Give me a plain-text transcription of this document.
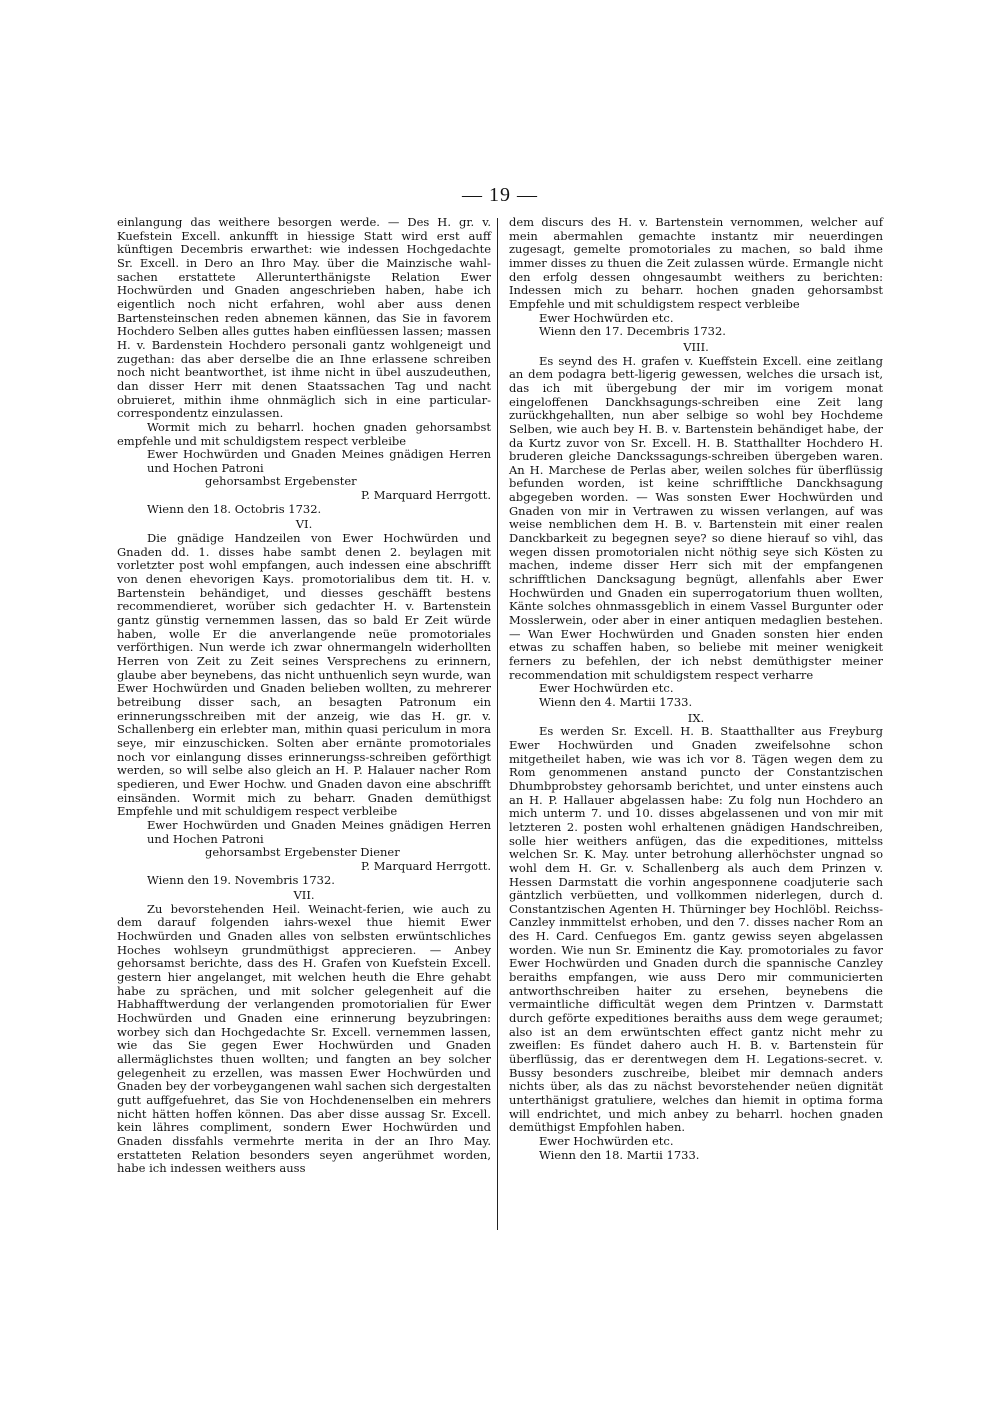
— 19 —

einlangung das weithere besorgen werde. — Des H. gr. v. Kuefstein Excell. ankunfft in hiessige Statt wird erst auff künftigen Decembris erwarthet: wie indessen Hochgedachte Sr. Excell. in Dero an Ihro May. über die Mainzische wahl-sachen erstattete Allerunterthänigste Relation Ewer Hochwürden und Gnaden angeschrieben haben, habe ich eigentlich noch nicht erfahren, wohl aber auss denen Bartensteinschen reden abnemen kännen, das Sie in favorem Hochdero Selben alles guttes haben einflüessen lassen; massen H. v. Bardenstein Hochdero personali gantz wohlgeneigt und zugethan: das aber derselbe die an Ihne erlassene schreiben noch nicht beantworthet, ist ihme nicht in übel auszudeuthen, dan disser Herr mit denen Staatssachen Tag und nacht obruieret, mithin ihme ohnmäglich sich in eine particular-correspondentz einzulassen.

Wormit mich zu beharrl. hochen gnaden gehorsambst empfehle und mit schuldigstem respect verbleibe

Ewer Hochwürden und Gnaden Meines gnädigen Herren und Hochen Patroni

gehorsambst Ergebenster

P. Marquard Herrgott.

Wienn den 18. Octobris 1732.

VI.

Die gnädige Handzeilen von Ewer Hochwürden und Gnaden dd. 1. disses habe sambt denen 2. beylagen mit vorletzter post wohl empfangen, auch indessen eine abschrifft von denen ehevorigen Kays. promotorialibus dem tit. H. v. Bartenstein behändiget, und diesses geschäfft bestens recommendieret, worüber sich gedachter H. v. Bartenstein gantz günstig vernemmen lassen, das so bald Er Zeit würde haben, wolle Er die anverlangende neüe promotoriales verförthigen. Nun werde ich zwar ohnermangeln widerhollten Herren von Zeit zu Zeit seines Versprechens zu erinnern, glaube aber beynebens, das nicht unthuenlich seyn wurde, wan Ewer Hochwürden und Gnaden belieben wollten, zu mehrerer betreibung disser sach, an besagten Patronum ein erinnerungsschreiben mit der anzeig, wie das H. gr. v. Schallenberg ein erlebter man, mithin quasi periculum in mora seye, mir einzuschicken. Solten aber ernänte promotoriales noch vor einlangung disses erinnerungss-schreiben geförthigt werden, so will selbe also gleich an H. P. Halauer nacher Rom spedieren, und Ewer Hochw. und Gnaden davon eine abschrifft einsänden. Wormit mich zu beharr. Gnaden demüthigst Empfehle und mit schuldigem respect verbleibe

Ewer Hochwürden und Gnaden Meines gnädigen Herren und Hochen Patroni

gehorsambst Ergebenster Diener

P. Marquard Herrgott.

Wienn den 19. Novembris 1732.

VII.

Zu bevorstehenden Heil. Weinacht-ferien, wie auch zu dem darauf folgenden iahrs-wexel thue hiemit Ewer Hochwürden und Gnaden alles von selbsten erwüntschliches Hoches wohlseyn grundmüthigst apprecieren. — Anbey gehorsamst berichte, dass des H. Grafen von Kuefstein Excell. gestern hier angelanget, mit welchen heuth die Ehre gehabt habe zu sprächen, und mit solcher gelegenheit auf die Habhafftwerdung der verlangenden promotorialien für Ewer Hochwürden und Gnaden eine erinnerung beyzubringen: worbey sich dan Hochgedachte Sr. Excell. vernemmen lassen, wie das Sie gegen Ewer Hochwürden und Gnaden allermäglichstes thuen wollten; und fangten an bey solcher gelegenheit zu erzellen, was massen Ewer Hochwürden und Gnaden bey der vorbeygangenen wahl sachen sich dergestalten gutt auffgefuehret, das Sie von Hochdenenselben ein mehrers nicht hätten hoffen können. Das aber disse aussag Sr. Excell. kein lähres compliment, sondern Ewer Hochwürden und Gnaden dissfahls vermehrte merita in der an Ihro May. erstatteten Relation besonders seyen angerühmet worden, habe ich indessen weithers auss

dem discurs des H. v. Bartenstein vernommen, welcher auf mein abermahlen gemachte instantz mir neuerdingen zugesagt, gemelte promotoriales zu machen, so bald ihme immer disses zu thuen die Zeit zulassen würde. Ermangle nicht den erfolg dessen ohngesaumbt weithers zu berichten: Indessen mich zu beharr. hochen gnaden gehorsambst Empfehle und mit schuldigstem respect verbleibe

Ewer Hochwürden etc.

Wienn den 17. Decembris 1732.

VIII.

Es seynd des H. grafen v. Kueffstein Excell. eine zeitlang an dem podagra bett-ligerig gewessen, welches die ursach ist, das ich mit übergebung der mir im vorigem monat eingeloffenen Danckhsagungs-schreiben eine Zeit lang zurückhgehallten, nun aber selbige so wohl bey Hochdeme Selben, wie auch bey H. B. v. Bartenstein behändiget habe, der da Kurtz zuvor von Sr. Excell. H. B. Statthallter Hochdero H. bruderen gleiche Danckssagungs-schreiben übergeben waren. An H. Marchese de Perlas aber, weilen solches für überflüssig befunden worden, ist keine schrifftliche Danckhsagung abgegeben worden. — Was sonsten Ewer Hochwürden und Gnaden von mir in Vertrawen zu wissen verlangen, auf was weise nemblichen dem H. B. v. Bartenstein mit einer realen Danckbarkeit zu begegnen seye? so diene hierauf so vihl, das wegen dissen promotorialen nicht nöthig seye sich Kösten zu machen, indeme disser Herr sich mit der empfangenen schrifftlichen Dancksagung begnügt, allenfahls aber Ewer Hochwürden und Gnaden ein superrogatorium thuen wollten, Känte solches ohnmassgeblich in einem Vassel Burgunter oder Mosslerwein, oder aber in einer antiquen medaglien bestehen. — Wan Ewer Hochwürden und Gnaden sonsten hier enden etwas zu schaffen haben, so beliebe mit meiner wenigkeit ferners zu befehlen, der ich nebst demüthigster meiner recommendation mit schuldigstem respect verharre

Ewer Hochwürden etc.

Wienn den 4. Martii 1733.

IX.

Es werden Sr. Excell. H. B. Staatthallter aus Freyburg Ewer Hochwürden und Gnaden zweifelsohne schon mitgetheilet haben, wie was ich vor 8. Tägen wegen dem zu Rom genommenen anstand puncto der Constantzischen Dhumbprobstey gehorsamb berichtet, und unter einstens auch an H. P. Hallauer abgelassen habe: Zu folg nun Hochdero an mich unterm 7. und 10. disses abgelassenen und von mir mit letzteren 2. posten wohl erhaltenen gnädigen Handschreiben, solle hier weithers anfügen, das die expeditiones, mittelss welchen Sr. K. May. unter betrohung allerhöchster ungnad so wohl dem H. Gr. v. Schallenberg als auch dem Prinzen v. Hessen Darmstatt die vorhin angesponnene coadjuterie sach gäntzlich verbüetten, und vollkommen niderlegen, durch d. Constantzischen Agenten H. Thürninger bey Hochlöbl. Reichss-Canzley inmmittelst erhoben, und den 7. disses nacher Rom an des H. Card. Cenfuegos Em. gantz gewiss seyen abgelassen worden. Wie nun Sr. Eminentz die Kay. promotoriales zu favor Ewer Hochwürden und Gnaden durch die spannische Canzley beraiths empfangen, wie auss Dero mir communicierten antworthschreiben haiter zu ersehen, beynebens die vermaintliche difficultät wegen dem Printzen v. Darmstatt durch geförte expeditiones beraiths auss dem wege geraumet; also ist an dem erwüntschten effect gantz nicht mehr zu zweiflen: Es fündet dahero auch H. B. v. Bartenstein für überflüssig, das er derentwegen dem H. Legations-secret. v. Bussy besonders zuschreibe, bleibet mir demnach anders nichts über, als das zu nächst bevorstehender neüen dignität unterthänigst gratuliere, welches dan hiemit in optima forma will endrichtet, und mich anbey zu beharrl. hochen gnaden demüthigst Empfohlen haben.

Ewer Hochwürden etc.

Wienn den 18. Martii 1733.
